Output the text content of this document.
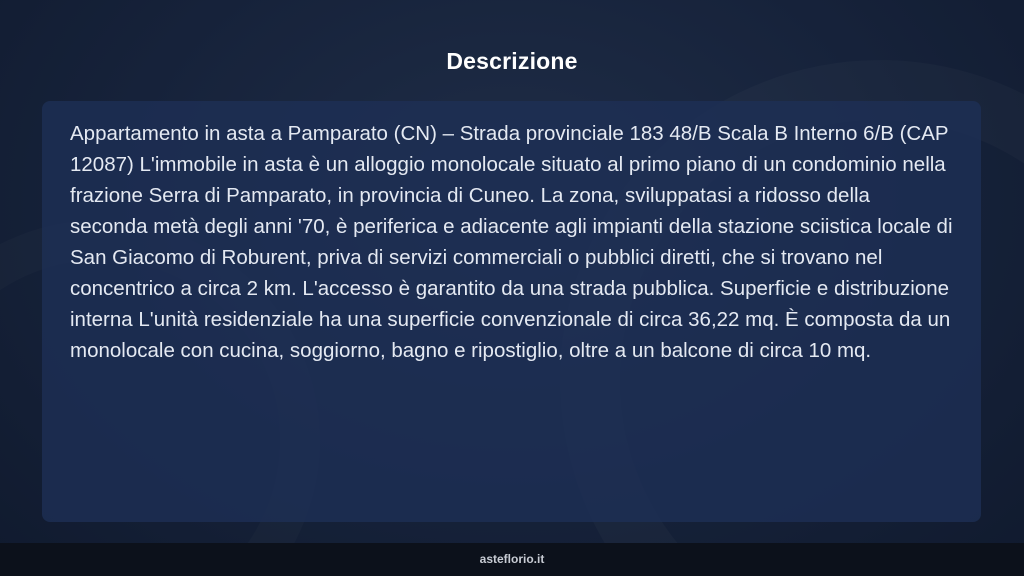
Descrizione

Appartamento in asta a Pamparato (CN) – Strada provinciale 183 48/B Scala B Interno 6/B (CAP 12087) L'immobile in asta è un alloggio monolocale situato al primo piano di un condominio nella frazione Serra di Pamparato, in provincia di Cuneo. La zona, sviluppatasi a ridosso della seconda metà degli anni '70, è periferica e adiacente agli impianti della stazione sciistica locale di San Giacomo di Roburent, priva di servizi commerciali o pubblici diretti, che si trovano nel concentrico a circa 2 km. L'accesso è garantito da una strada pubblica. Superficie e distribuzione interna L'unità residenziale ha una superficie convenzionale di circa 36,22 mq. È composta da un monolocale con cucina, soggiorno, bagno e ripostiglio, oltre a un balcone di circa 10 mq.

asteflorio.it
